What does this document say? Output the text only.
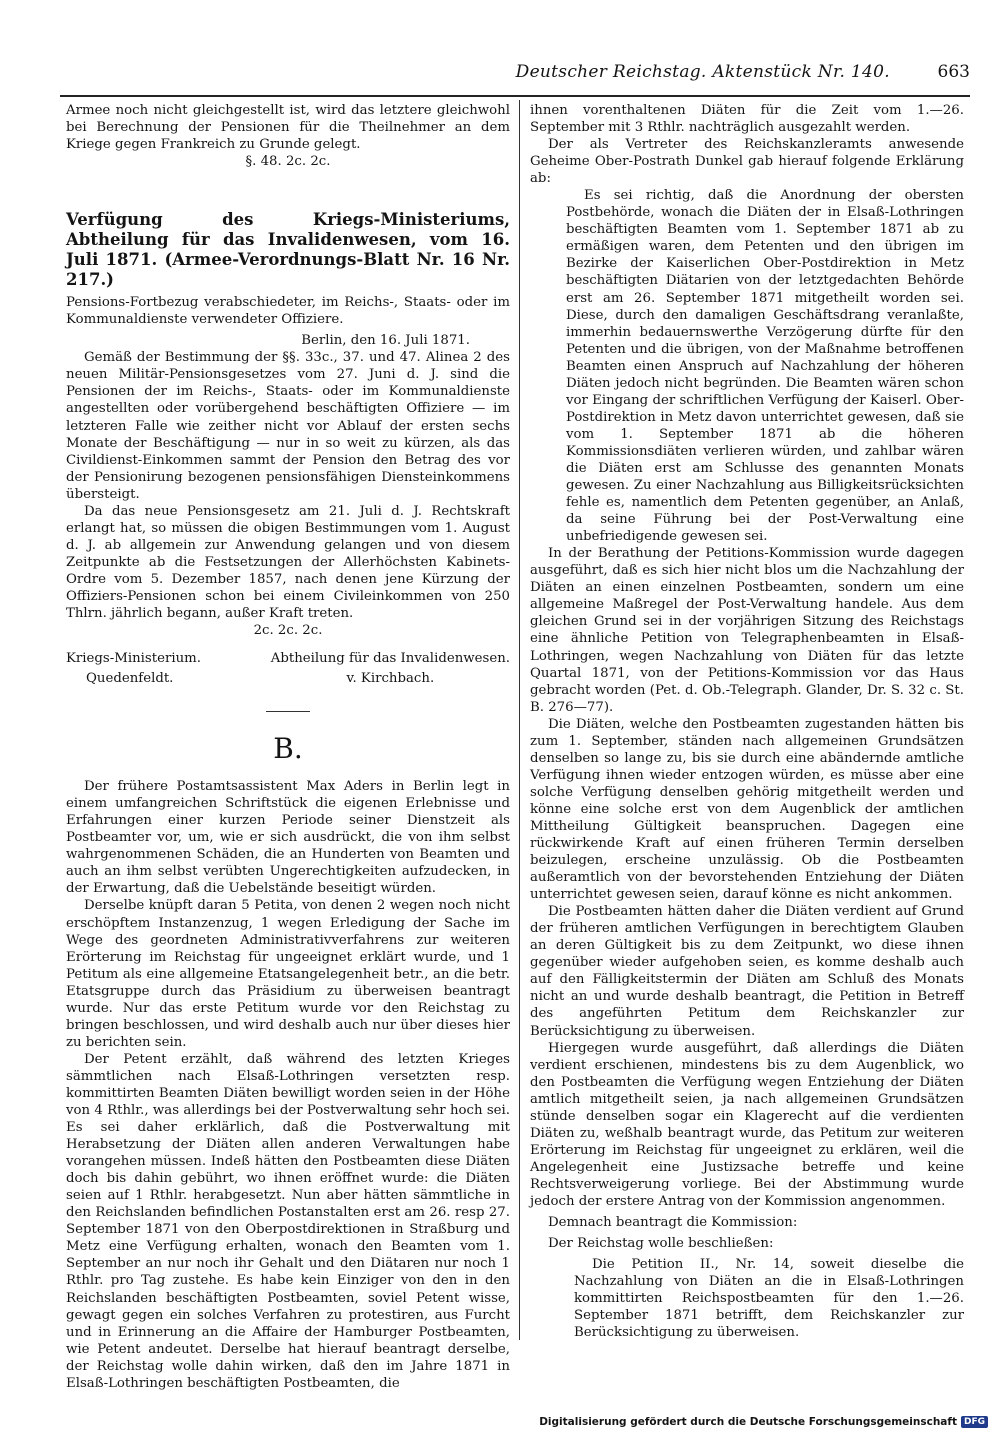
Deutscher Reichstag. Aktenstück Nr. 140.	663

Armee noch nicht gleichgestellt ist, wird das letztere gleichwohl bei Berechnung der Pensionen für die Theilnehmer an dem Kriege gegen Frankreich zu Grunde gelegt.

§. 48. 2c. 2c.

Verfügung des Kriegs-Ministeriums, Abtheilung für das Invalidenwesen, vom 16. Juli 1871. (Armee-Verordnungs-Blatt Nr. 16 Nr. 217.)

Pensions-Fortbezug verabschiedeter, im Reichs-, Staats- oder im Kommunaldienste verwendeter Offiziere.

Berlin, den 16. Juli 1871.

Gemäß der Bestimmung der §§. 33c., 37. und 47. Alinea 2 des neuen Militär-Pensionsgesetzes vom 27. Juni d. J. sind die Pensionen der im Reichs-, Staats- oder im Kommunaldienste angestellten oder vorübergehend beschäftigten Offiziere — im letzteren Falle wie zeither nicht vor Ablauf der ersten sechs Monate der Beschäftigung — nur in so weit zu kürzen, als das Civildienst-Einkommen sammt der Pension den Betrag des vor der Pensionirung bezogenen pensionsfähigen Diensteinkommens übersteigt.

Da das neue Pensionsgesetz am 21. Juli d. J. Rechtskraft erlangt hat, so müssen die obigen Bestimmungen vom 1. August d. J. ab allgemein zur Anwendung gelangen und von diesem Zeitpunkte ab die Festsetzungen der Allerhöchsten Kabinets-Ordre vom 5. Dezember 1857, nach denen jene Kürzung der Offiziers-Pensionen schon bei einem Civileinkommen von 250 Thlrn. jährlich begann, außer Kraft treten.

2c. 2c. 2c.

Kriegs-Ministerium.
Quedenfeldt.
Abtheilung für das Invalidenwesen.
v. Kirchbach.
B.

Der frühere Postamtsassistent Max Aders in Berlin legt in einem umfangreichen Schriftstück die eigenen Erlebnisse und Erfahrungen einer kurzen Periode seiner Dienstzeit als Postbeamter vor, um, wie er sich ausdrückt, die von ihm selbst wahrgenommenen Schäden, die an Hunderten von Beamten und auch an ihm selbst verübten Ungerechtigkeiten aufzudecken, in der Erwartung, daß die Uebelstände beseitigt würden.

Derselbe knüpft daran 5 Petita, von denen 2 wegen noch nicht erschöpftem Instanzenzug, 1 wegen Erledigung der Sache im Wege des geordneten Administrativverfahrens zur weiteren Erörterung im Reichstag für ungeeignet erklärt wurde, und 1 Petitum als eine allgemeine Etatsangelegenheit betr., an die betr. Etatsgruppe durch das Präsidium zu überweisen beantragt wurde. Nur das erste Petitum wurde vor den Reichstag zu bringen beschlossen, und wird deshalb auch nur über dieses hier zu berichten sein.

Der Petent erzählt, daß während des letzten Krieges sämmtlichen nach Elsaß-Lothringen versetzten resp. kommittirten Beamten Diäten bewilligt worden seien in der Höhe von 4 Rthlr., was allerdings bei der Postverwaltung sehr hoch sei. Es sei daher erklärlich, daß die Postverwaltung mit Herabsetzung der Diäten allen anderen Verwaltungen habe vorangehen müssen. Indeß hätten den Postbeamten diese Diäten doch bis dahin gebührt, wo ihnen eröffnet wurde: die Diäten seien auf 1 Rthlr. herabgesetzt. Nun aber hätten sämmtliche in den Reichslanden befindlichen Postanstalten erst am 26. resp 27. September 1871 von den Oberpostdirektionen in Straßburg und Metz eine Verfügung erhalten, wonach den Beamten vom 1. September an nur noch ihr Gehalt und den Diätaren nur noch 1 Rthlr. pro Tag zustehe. Es habe kein Einziger von den in den Reichslanden beschäftigten Postbeamten, soviel Petent wisse, gewagt gegen ein solches Verfahren zu protestiren, aus Furcht und in Erinnerung an die Affaire der Hamburger Postbeamten, wie Petent andeutet. Derselbe hat hierauf beantragt derselbe, der Reichstag wolle dahin wirken, daß den im Jahre 1871 in Elsaß-Lothringen beschäftigten Postbeamten, die

ihnen vorenthaltenen Diäten für die Zeit vom 1.—26. September mit 3 Rthlr. nachträglich ausgezahlt werden.

Der als Vertreter des Reichskanzleramts anwesende Geheime Ober-Postrath Dunkel gab hierauf folgende Erklärung ab:

Es sei richtig, daß die Anordnung der obersten Postbehörde, wonach die Diäten der in Elsaß-Lothringen beschäftigten Beamten vom 1. September 1871 ab zu ermäßigen waren, dem Petenten und den übrigen im Bezirke der Kaiserlichen Ober-Postdirektion in Metz beschäftigten Diätarien von der letztgedachten Behörde erst am 26. September 1871 mitgetheilt worden sei. Diese, durch den damaligen Geschäftsdrang veranlaßte, immerhin bedauernswerthe Verzögerung dürfte für den Petenten und die übrigen, von der Maßnahme betroffenen Beamten einen Anspruch auf Nachzahlung der höheren Diäten jedoch nicht begründen. Die Beamten wären schon vor Eingang der schriftlichen Verfügung der Kaiserl. Ober-Postdirektion in Metz davon unterrichtet gewesen, daß sie vom 1. September 1871 ab die höheren Kommissionsdiäten verlieren würden, und zahlbar wären die Diäten erst am Schlusse des genannten Monats gewesen. Zu einer Nachzahlung aus Billigkeitsrücksichten fehle es, namentlich dem Petenten gegenüber, an Anlaß, da seine Führung bei der Post-Verwaltung eine unbefriedigende gewesen sei.

In der Berathung der Petitions-Kommission wurde dagegen ausgeführt, daß es sich hier nicht blos um die Nachzahlung der Diäten an einen einzelnen Postbeamten, sondern um eine allgemeine Maßregel der Post-Verwaltung handele. Aus dem gleichen Grund sei in der vorjährigen Sitzung des Reichstags eine ähnliche Petition von Telegraphenbeamten in Elsaß-Lothringen, wegen Nachzahlung von Diäten für das letzte Quartal 1871, von der Petitions-Kommission vor das Haus gebracht worden (Pet. d. Ob.-Telegraph. Glander, Dr. S. 32 c. St. B. 276—77).

Die Diäten, welche den Postbeamten zugestanden hätten bis zum 1. September, ständen nach allgemeinen Grundsätzen denselben so lange zu, bis sie durch eine abändernde amtliche Verfügung ihnen wieder entzogen würden, es müsse aber eine solche Verfügung denselben gehörig mitgetheilt werden und könne eine solche erst von dem Augenblick der amtlichen Mittheilung Gültigkeit beanspruchen. Dagegen eine rückwirkende Kraft auf einen früheren Termin derselben beizulegen, erscheine unzulässig. Ob die Postbeamten außeramtlich von der bevorstehenden Entziehung der Diäten unterrichtet gewesen seien, darauf könne es nicht ankommen.

Die Postbeamten hätten daher die Diäten verdient auf Grund der früheren amtlichen Verfügungen in berechtigtem Glauben an deren Gültigkeit bis zu dem Zeitpunkt, wo diese ihnen gegenüber wieder aufgehoben seien, es komme deshalb auch auf den Fälligkeitstermin der Diäten am Schluß des Monats nicht an und wurde deshalb beantragt, die Petition in Betreff des angeführten Petitum dem Reichskanzler zur Berücksichtigung zu überweisen.

Hiergegen wurde ausgeführt, daß allerdings die Diäten verdient erschienen, mindestens bis zu dem Augenblick, wo den Postbeamten die Verfügung wegen Entziehung der Diäten amtlich mitgetheilt seien, ja nach allgemeinen Grundsätzen stünde denselben sogar ein Klagerecht auf die verdienten Diäten zu, weßhalb beantragt wurde, das Petitum zur weiteren Erörterung im Reichstag für ungeeignet zu erklären, weil die Angelegenheit eine Justizsache betreffe und keine Rechtsverweigerung vorliege. Bei der Abstimmung wurde jedoch der erstere Antrag von der Kommission angenommen.

Demnach beantragt die Kommission:

Der Reichstag wolle beschließen:

Die Petition II., Nr. 14, soweit dieselbe die Nachzahlung von Diäten an die in Elsaß-Lothringen kommittirten Reichspostbeamten für den 1.—26. September 1871 betrifft, dem Reichskanzler zur Berücksichtigung zu überweisen.

Digitalisierung gefördert durch die Deutsche Forschungsgemeinschaft DFG
